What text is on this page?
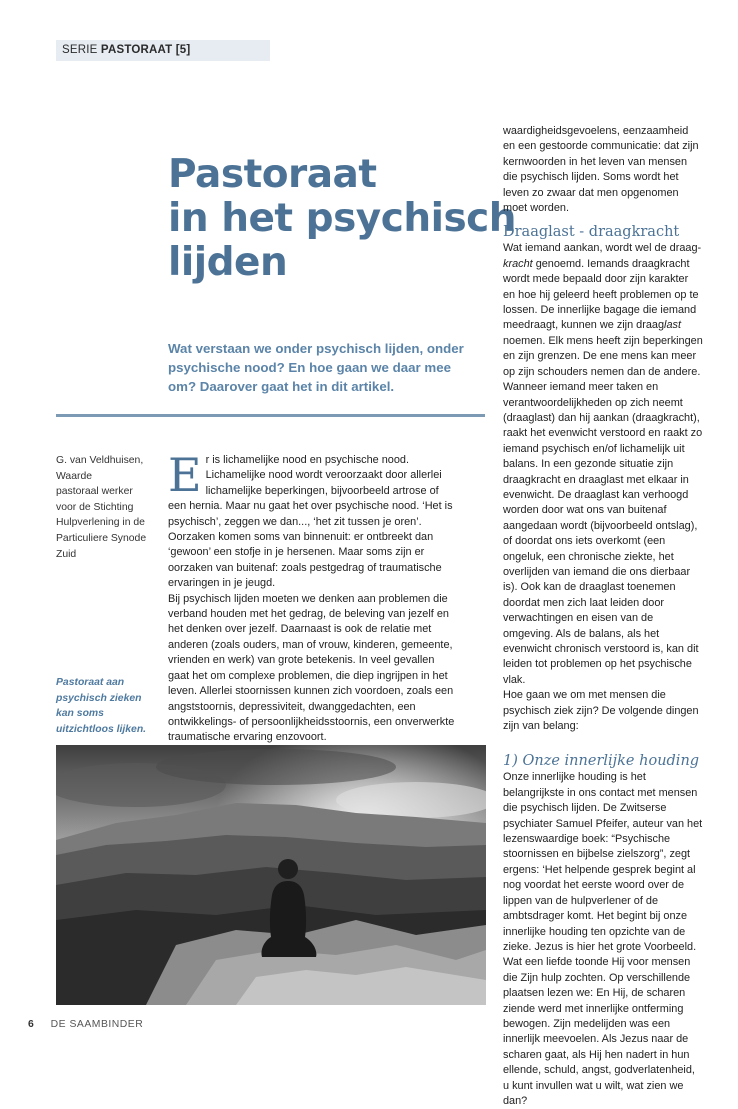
SERIE PASTORAAT [5]
Pastoraat
in het psychisch
lijden

Wat verstaan we onder psychisch lijden, onder psychische nood? En hoe gaan we daar mee om? Daarover gaat het in dit artikel.

G. van Veldhuisen,
Waarde
pastoraal werker
voor de Stichting
Hulpverlening in de
Particuliere Synode
Zuid
Pastoraat aan
psychisch zieken
kan soms
uitzichtloos lijken.

Er is lichamelijke nood en psychische nood. Lichamelijke nood wordt veroorzaakt door allerlei lichamelijke beperkingen, bijvoorbeeld artrose of een hernia. Maar nu gaat het over psychische nood. ‘Het is psychisch’, zeggen we dan..., ‘het zit tussen je oren’. Oorzaken komen soms van binnenuit: er ontbreekt dan ‘gewoon’ een stofje in je hersenen. Maar soms zijn er oorzaken van buitenaf: zoals pestgedrag of traumatische ervaringen in je jeugd.

Bij psychisch lijden moeten we denken aan problemen die verband houden met het gedrag, de beleving van jezelf en het denken over jezelf. Daarnaast is ook de relatie met anderen (zoals ouders, man of vrouw, kinderen, gemeente, vrienden en werk) van grote betekenis. In veel gevallen gaat het om complexe problemen, die diep ingrijpen in het leven. Allerlei stoornissen kunnen zich voordoen, zoals een angststoornis, depressiviteit, dwanggedachten, een ontwikkelings- of persoonlijkheidsstoornis, een onverwerkte traumatische ervaring enzovoort.

waardigheidsgevoelens, eenzaamheid en een gestoorde communicatie: dat zijn kernwoorden in het leven van mensen die psychisch lijden. Soms wordt het leven zo zwaar dat men opgenomen moet worden.

Draaglast - draagkracht

Wat iemand aankan, wordt wel de draag-kracht genoemd. Iemands draagkracht wordt mede bepaald door zijn karakter en hoe hij geleerd heeft problemen op te lossen. De innerlijke bagage die iemand meedraagt, kunnen we zijn draaglast noemen. Elk mens heeft zijn beperkingen en zijn grenzen. De ene mens kan meer op zijn schouders nemen dan de andere. Wanneer iemand meer taken en verantwoordelijkheden op zich neemt (draaglast) dan hij aankan (draagkracht), raakt het evenwicht verstoord en raakt zo iemand psychisch en/of lichamelijk uit balans. In een gezonde situatie zijn draagkracht en draaglast met elkaar in evenwicht. De draaglast kan verhoogd worden door wat ons van buitenaf aangedaan wordt (bijvoorbeeld ontslag), of doordat ons iets overkomt (een ongeluk, een chronische ziekte, het overlijden van iemand die ons dierbaar is). Ook kan de draaglast toenemen doordat men zich laat leiden door verwachtingen en eisen van de omgeving. Als de balans, als het evenwicht chronisch verstoord is, kan dit leiden tot problemen op het psychische vlak.

Hoe gaan we om met mensen die psychisch ziek zijn? De volgende dingen zijn van belang:

1) Onze innerlijke houding

Onze innerlijke houding is het belangrijkste in ons contact met mensen die psychisch lijden. De Zwitserse psychiater Samuel Pfeifer, auteur van het lezenswaardige boek: “Psychische stoornissen en bijbelse zielszorg”, zegt ergens: ‘Het helpende gesprek begint al nog voordat het eerste woord over de lippen van de hulpverlener of de ambtsdrager komt. Het begint bij onze innerlijke houding ten opzichte van de zieke. Jezus is hier het grote Voorbeeld. Wat een liefde toonde Hij voor mensen die Zijn hulp zochten. Op verschillende plaatsen lezen we: En Hij, de scharen ziende werd met innerlijke ontferming bewogen. Zijn medelijden was een innerlijk meevoelen. Als Jezus naar de scharen gaat, als Hij hen nadert in hun ellende, schuld, angst, godverlatenheid, u kunt invullen wat u wilt, wat zien we dan?

6 DE SAAMBINDER
